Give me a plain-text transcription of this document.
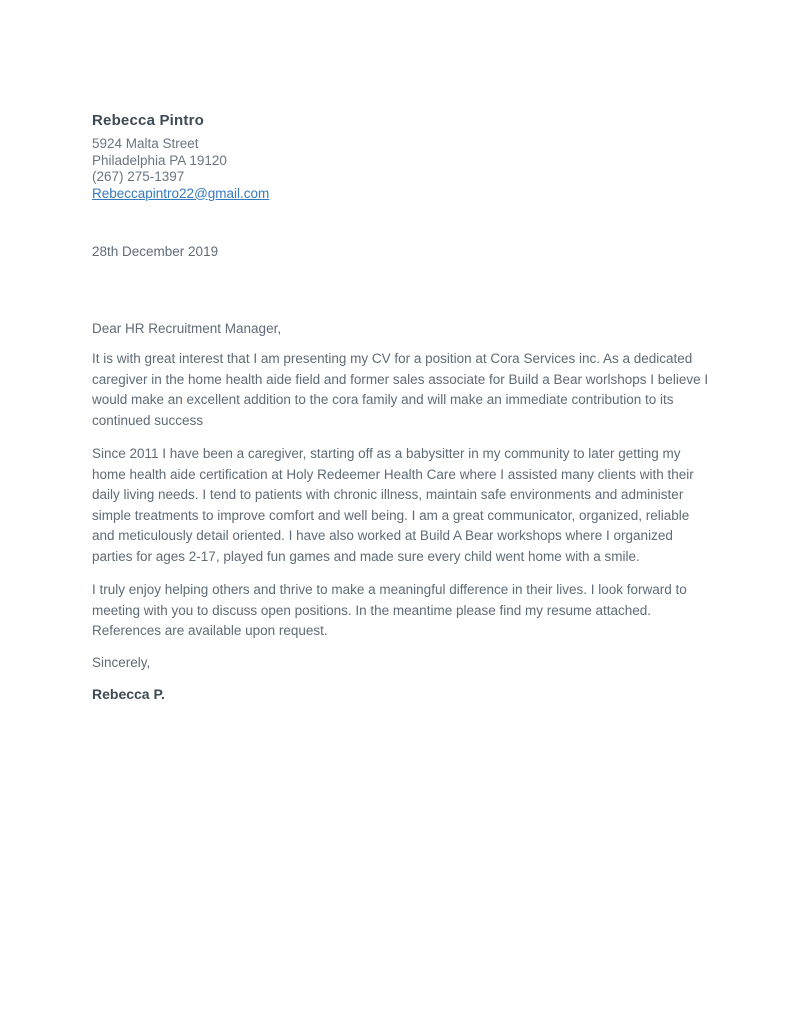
Rebecca Pintro
5924 Malta Street
Philadelphia PA 19120
(267) 275-1397
Rebeccapintro22@gmail.com
28th December 2019
Dear HR Recruitment Manager,

It is with great interest that I am presenting my CV for a position at Cora Services inc. As a dedicated caregiver in the home health aide field and former sales associate for Build a Bear worlshops I believe I would make an excellent addition to the cora family and will make an immediate contribution to its continued success

Since 2011 I have been a caregiver, starting off as a babysitter in my community to later getting my home health aide certification at Holy Redeemer Health Care where I assisted many clients with their daily living needs. I tend to patients with chronic illness, maintain safe environments and administer simple treatments to improve comfort and well being. I am a great communicator, organized, reliable and meticulously detail oriented. I have also worked at Build A Bear workshops where I organized parties for ages 2-17, played fun games and made sure every child went home with a smile.

I truly enjoy helping others and thrive to make a meaningful difference in their lives. I look forward to meeting with you to discuss open positions. In the meantime please find my resume attached. References are available upon request.

Sincerely,
Rebecca P.
